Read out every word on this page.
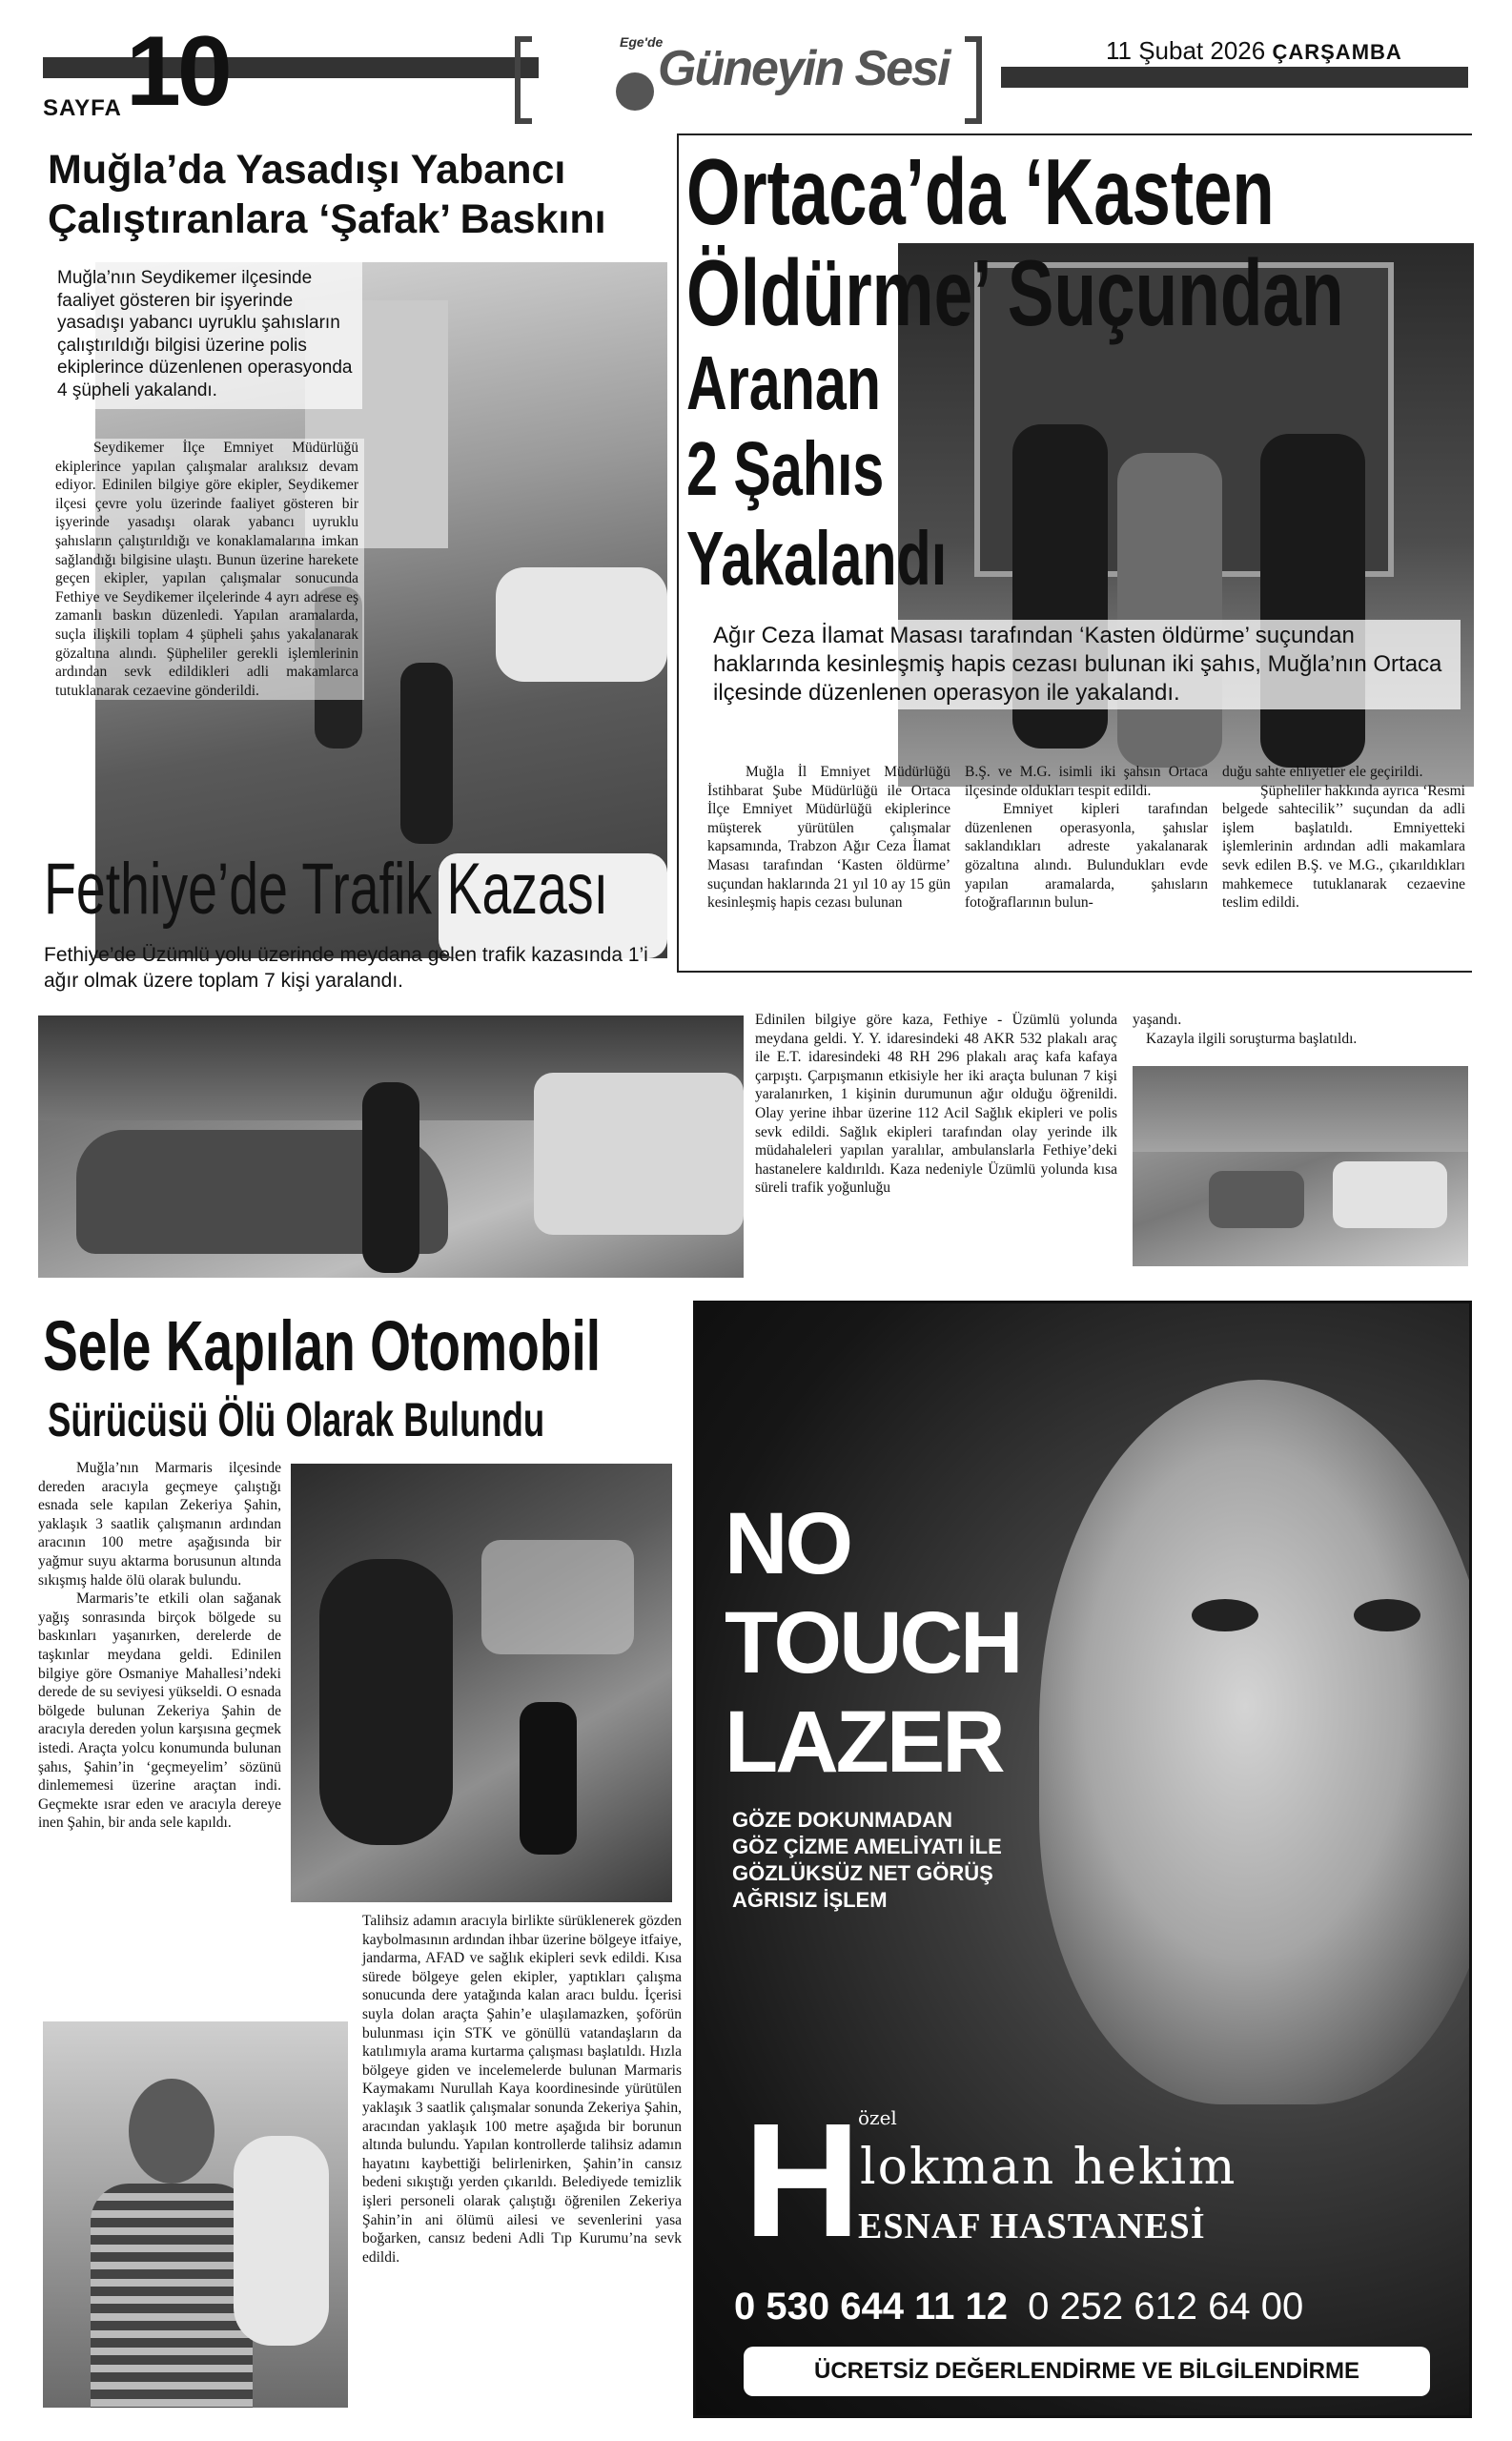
SAYFA 10	Ege'de
Güneyin Sesi	11 Şubat 2026 ÇARŞAMBA
Muğla’da Yasadışı Yabancı
Çalıştıranlara ‘Şafak’ Baskını
Muğla’nın Seydikemer ilçesinde faaliyet gösteren bir işyerinde yasadışı yabancı uyruklu şahısların çalıştırıldığı bilgisi üzerine polis ekiplerince düzenlenen operasyonda 4 şüpheli yakalandı.
Seydikemer İlçe Emniyet Müdürlüğü ekiplerince yapılan çalışmalar aralıksız devam ediyor. Edinilen bilgiye göre ekipler, Seydikemer ilçesi çevre yolu üzerinde faaliyet gösteren bir işyerinde yasadışı olarak yabancı uyruklu şahısların çalıştırıldığı ve konaklamalarına imkan sağlandığı bilgisine ulaştı. Bunun üzerine harekete geçen ekipler, yapılan çalışmalar sonucunda Fethiye ve Seydikemer ilçelerinde 4 ayrı adrese eş zamanlı baskın düzenledi. Yapılan aramalarda, suçla ilişkili toplam 4 şüpheli şahıs yakalanarak gözaltına alındı. Şüpheliler gerekli işlemlerinin ardından sevk edildikleri adli makamlarca tutuklanarak cezaevine gönderildi.
Ortaca’da ‘Kasten
Öldürme’ Suçundan
Aranan
2 Şahıs
Yakalandı
Ağır Ceza İlamat Masası tarafından ‘Kasten öldürme’ suçundan haklarında kesinleşmiş hapis cezası bulunan iki şahıs, Muğla’nın Ortaca ilçesinde düzenlenen operasyon ile yakalandı.
Muğla İl Emniyet Müdürlüğü İstihbarat Şube Müdürlüğü ile Ortaca İlçe Emniyet Müdürlüğü ekiplerince müşterek yürütülen çalışmalar kapsamında, Trabzon Ağır Ceza İlamat Masası tarafından ‘Kasten öldürme’ suçundan haklarında 21 yıl 10 ay 15 gün kesinleşmiş hapis cezası bulunan
B.Ş. ve M.G. isimli iki şahsın Ortaca ilçesinde oldukları tespit edildi.
Emniyet kipleri tarafından düzenlenen operasyonla, şahıslar saklandıkları adreste yakalanarak gözaltına alındı. Bulundukları evde yapılan aramalarda, şahısların fotoğraflarının bulun-
duğu sahte ehliyetler ele geçirildi.
Şüpheliler hakkında ayrıca ‘Resmi belgede sahtecilik’’ suçundan da adli işlem başlatıldı. Emniyetteki işlemlerinin ardından adli makamlara sevk edilen B.Ş. ve M.G., çıkarıldıkları mahkemece tutuklanarak cezaevine teslim edildi.
Fethiye’de Trafik Kazası
Fethiye’de Üzümlü yolu üzerinde meydana gelen trafik kazasında 1’i ağır olmak üzere toplam 7 kişi yaralandı.
Edinilen bilgiye göre kaza, Fethiye - Üzümlü yolunda meydana geldi. Y. Y. idaresindeki 48 AKR 532 plakalı araç ile E.T. idaresindeki 48 RH 296 plakalı araç kafa kafaya çarpıştı. Çarpışmanın etkisiyle her iki araçta bulunan 7 kişi yaralanırken, 1 kişinin durumunun ağır olduğu öğrenildi. Olay yerine ihbar üzerine 112 Acil Sağlık ekipleri ve polis sevk edildi. Sağlık ekipleri tarafından olay yerinde ilk müdahaleleri yapılan yaralılar, ambulanslarla Fethiye’deki hastanelere kaldırıldı. Kaza nedeniyle Üzümlü yolunda kısa süreli trafik yoğunluğu
yaşandı.
Kazayla ilgili soruşturma başlatıldı.
Sele Kapılan Otomobil
Sürücüsü Ölü Olarak Bulundu
Muğla’nın Marmaris ilçesinde dereden aracıyla geçmeye çalıştığı esnada sele kapılan Zekeriya Şahin, yaklaşık 3 saatlik çalışmanın ardından aracının 100 metre aşağısında bir yağmur suyu aktarma borusunun altında sıkışmış halde ölü olarak bulundu.
Marmaris’te etkili olan sağanak yağış sonrasında birçok bölgede su baskınları yaşanırken, derelerde de taşkınlar meydana geldi. Edinilen bilgiye göre Osmaniye Mahallesi’ndeki derede de su seviyesi yükseldi. O esnada bölgede bulunan Zekeriya Şahin de aracıyla dereden yolun karşısına geçmek istedi. Araçta yolcu konumunda bulunan şahıs, Şahin’in ‘geçmeyelim’ sözünü dinlememesi üzerine araçtan indi. Geçmekte ısrar eden ve aracıyla dereye inen Şahin, bir anda sele kapıldı.
Talihsiz adamın aracıyla birlikte sürüklenerek gözden kaybolmasının ardından ihbar üzerine bölgeye itfaiye, jandarma, AFAD ve sağlık ekipleri sevk edildi. Kısa sürede bölgeye gelen ekipler, yaptıkları çalışma sonucunda dere yatağında kalan aracı buldu. İçerisi suyla dolan araçta Şahin’e ulaşılamazken, şoförün bulunması için STK ve gönüllü vatandaşların da katılımıyla arama kurtarma çalışması başlatıldı. Hızla bölgeye giden ve incelemelerde bulunan Marmaris Kaymakamı Nurullah Kaya koordinesinde yürütülen yaklaşık 3 saatlik çalışmalar sonunda Zekeriya Şahin, aracından yaklaşık 100 metre aşağıda bir borunun altında bulundu. Yapılan kontrollerde talihsiz adamın hayatını kaybettiği belirlenirken, Şahin’in cansız bedeni sıkıştığı yerden çıkarıldı. Belediyede temizlik işleri personeli olarak çalıştığı öğrenilen Zekeriya Şahin’in ani ölümü ailesi ve sevenlerini yasa boğarken, cansız bedeni Adli Tıp Kurumu’na sevk edildi.
NO
TOUCH
LAZER
GÖZE DOKUNMADAN
GÖZ ÇİZME AMELİYATI İLE
GÖZLÜKSÜZ NET GÖRÜŞ
AĞRISIZ İŞLEM
H
özel
lokman hekim
ESNAF HASTANESİ
0 530 644 11 12 0 252 612 64 00
ÜCRETSİZ DEĞERLENDİRME VE BİLGİLENDİRME
